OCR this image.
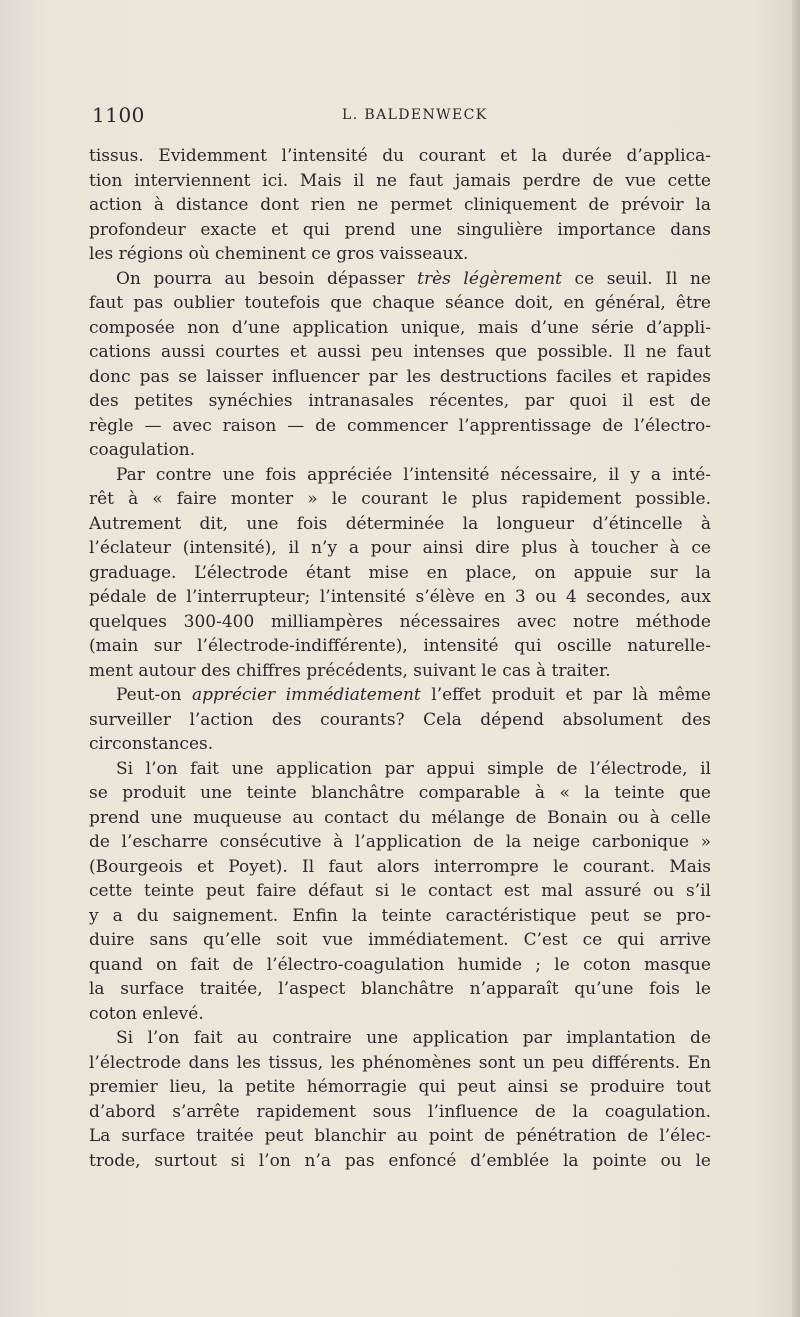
1100	L. BALDENWECK
tissus. Evidemment l’intensité du courant et la durée d’applica-
tion interviennent ici. Mais il ne faut jamais perdre de vue cette
action à distance dont rien ne permet cliniquement de prévoir la
profondeur exacte et qui prend une singulière importance dans
les régions où cheminent ce gros vaisseaux.
On pourra au besoin dépasser très légèrement ce seuil. Il ne
faut pas oublier toutefois que chaque séance doit, en général, être
composée non d’une application unique, mais d’une série d’appli-
cations aussi courtes et aussi peu intenses que possible. Il ne faut
donc pas se laisser influencer par les destructions faciles et rapides
des petites synéchies intranasales récentes, par quoi il est de
règle — avec raison — de commencer l’apprentissage de l’électro-
coagulation.
Par contre une fois appréciée l’intensité nécessaire, il y a inté-
rêt à « faire monter » le courant le plus rapidement possible.
Autrement dit, une fois déterminée la longueur d’étincelle à
l’éclateur (intensité), il n’y a pour ainsi dire plus à toucher à ce
graduage. L’électrode étant mise en place, on appuie sur la
pédale de l’interrupteur; l’intensité s’élève en 3 ou 4 secondes, aux
quelques 300-400 milliampères nécessaires avec notre méthode
(main sur l’électrode-indifférente), intensité qui oscille naturelle-
ment autour des chiffres précédents, suivant le cas à traiter.
Peut-on apprécier immédiatement l’effet produit et par là même
surveiller l’action des courants? Cela dépend absolument des
circonstances.
Si l’on fait une application par appui simple de l’électrode, il
se produit une teinte blanchâtre comparable à « la teinte que
prend une muqueuse au contact du mélange de Bonain ou à celle
de l’escharre consécutive à l’application de la neige carbonique »
(Bourgeois et Poyet). Il faut alors interrompre le courant. Mais
cette teinte peut faire défaut si le contact est mal assuré ou s’il
y a du saignement. Enfin la teinte caractéristique peut se pro-
duire sans qu’elle soit vue immédiatement. C’est ce qui arrive
quand on fait de l’électro-coagulation humide ; le coton masque
la surface traitée, l’aspect blanchâtre n’apparaît qu’une fois le
coton enlevé.
Si l’on fait au contraire une application par implantation de
l’électrode dans les tissus, les phénomènes sont un peu différents. En
premier lieu, la petite hémorragie qui peut ainsi se produire tout
d’abord s’arrête rapidement sous l’influence de la coagulation.
La surface traitée peut blanchir au point de pénétration de l’élec-
trode, surtout si l’on n’a pas enfoncé d’emblée la pointe ou le
